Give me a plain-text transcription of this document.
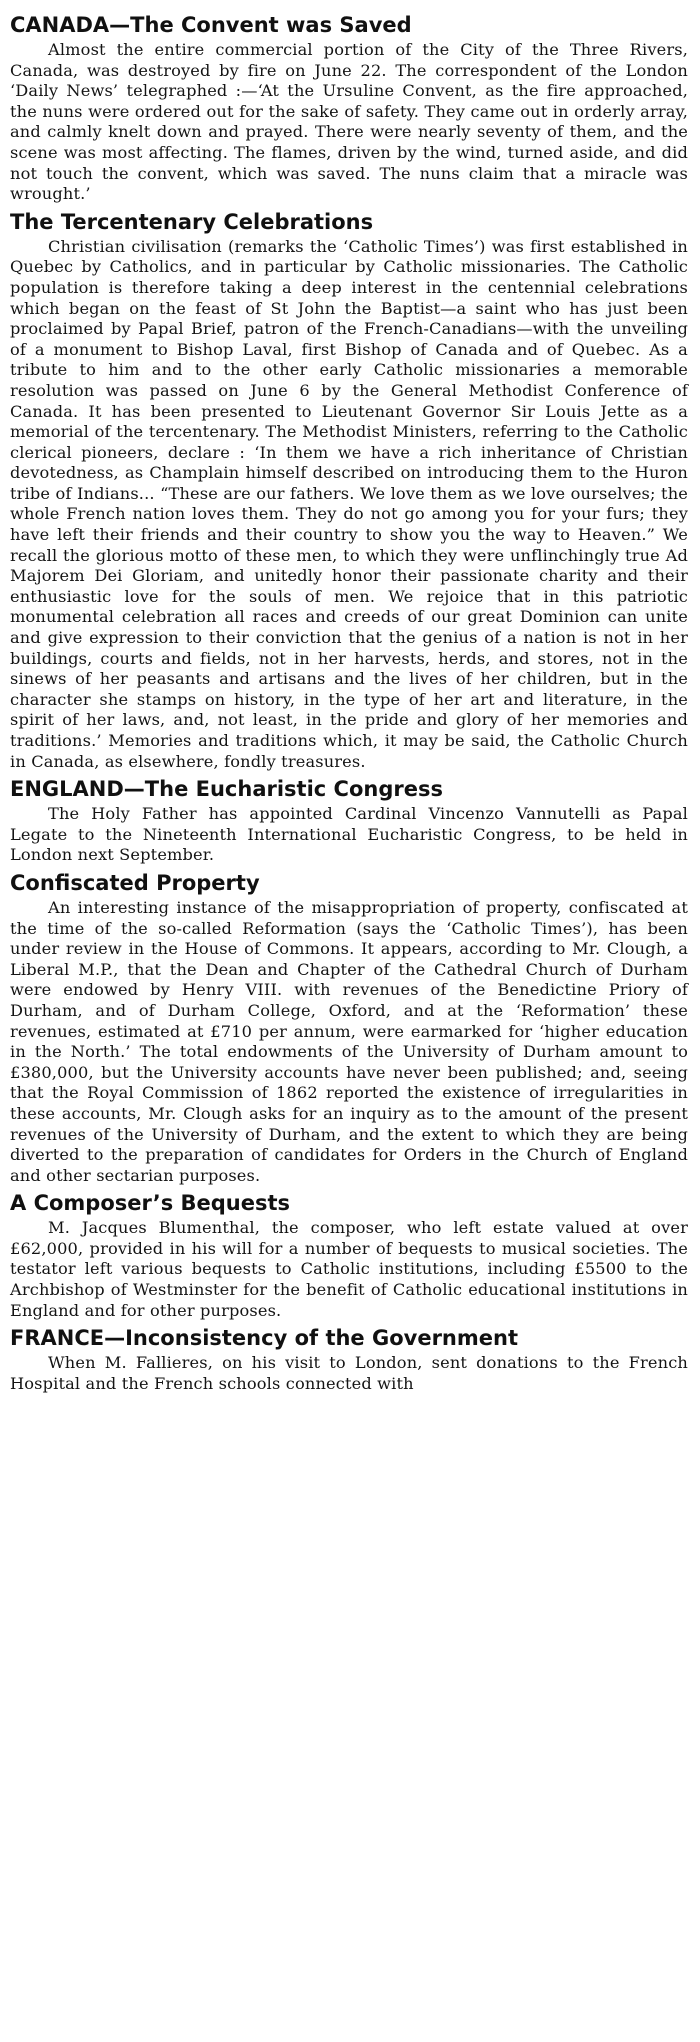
CANADA—The Convent was Saved

Almost the entire commercial portion of the City of the Three Rivers, Canada, was destroyed by fire on June 22. The correspondent of the London ‘Daily News’ telegraphed :—‘At the Ursuline Convent, as the fire approached, the nuns were ordered out for the sake of safety. They came out in orderly array, and calmly knelt down and prayed. There were nearly seventy of them, and the scene was most affecting. The flames, driven by the wind, turned aside, and did not touch the convent, which was saved. The nuns claim that a miracle was wrought.’

The Tercentenary Celebrations

Christian civilisation (remarks the ‘Catholic Times’) was first established in Quebec by Catholics, and in particular by Catholic missionaries. The Catholic population is therefore taking a deep interest in the centennial celebrations which began on the feast of St John the Baptist—a saint who has just been proclaimed by Papal Brief, patron of the French-Canadians—with the unveiling of a monument to Bishop Laval, first Bishop of Canada and of Quebec. As a tribute to him and to the other early Catholic missionaries a memorable resolution was passed on June 6 by the General Methodist Conference of Canada. It has been presented to Lieutenant Governor Sir Louis Jette as a memorial of the tercentenary. The Methodist Ministers, referring to the Catholic clerical pioneers, declare : ‘In them we have a rich inheritance of Christian devotedness, as Champlain himself described on introducing them to the Huron tribe of Indians... “These are our fathers. We love them as we love ourselves; the whole French nation loves them. They do not go among you for your furs; they have left their friends and their country to show you the way to Heaven.” We recall the glorious motto of these men, to which they were unflinchingly true Ad Majorem Dei Gloriam, and unitedly honor their passionate charity and their enthusiastic love for the souls of men. We rejoice that in this patriotic monumental celebration all races and creeds of our great Dominion can unite and give expression to their conviction that the genius of a nation is not in her buildings, courts and fields, not in her harvests, herds, and stores, not in the sinews of her peasants and artisans and the lives of her children, but in the character she stamps on history, in the type of her art and literature, in the spirit of her laws, and, not least, in the pride and glory of her memories and traditions.’ Memories and traditions which, it may be said, the Catholic Church in Canada, as elsewhere, fondly treasures.

ENGLAND—The Eucharistic Congress

The Holy Father has appointed Cardinal Vincenzo Vannutelli as Papal Legate to the Nineteenth International Eucharistic Congress, to be held in London next September.

Confiscated Property

An interesting instance of the misappropriation of property, confiscated at the time of the so-called Reformation (says the ‘Catholic Times’), has been under review in the House of Commons. It appears, according to Mr. Clough, a Liberal M.P., that the Dean and Chapter of the Cathedral Church of Durham were endowed by Henry VIII. with revenues of the Benedictine Priory of Durham, and of Durham College, Oxford, and at the ‘Reformation’ these revenues, estimated at £710 per annum, were earmarked for ‘higher education in the North.’ The total endowments of the University of Durham amount to £380,000, but the University accounts have never been published; and, seeing that the Royal Commission of 1862 reported the existence of irregularities in these accounts, Mr. Clough asks for an inquiry as to the amount of the present revenues of the University of Durham, and the extent to which they are being diverted to the preparation of candidates for Orders in the Church of England and other sectarian purposes.

A Composer’s Bequests

M. Jacques Blumenthal, the composer, who left estate valued at over £62,000, provided in his will for a number of bequests to musical societies. The testator left various bequests to Catholic institutions, including £5500 to the Archbishop of Westminster for the benefit of Catholic educational institutions in England and for other purposes.

FRANCE—Inconsistency of the Government

When M. Fallieres, on his visit to London, sent donations to the French Hospital and the French schools connected with
